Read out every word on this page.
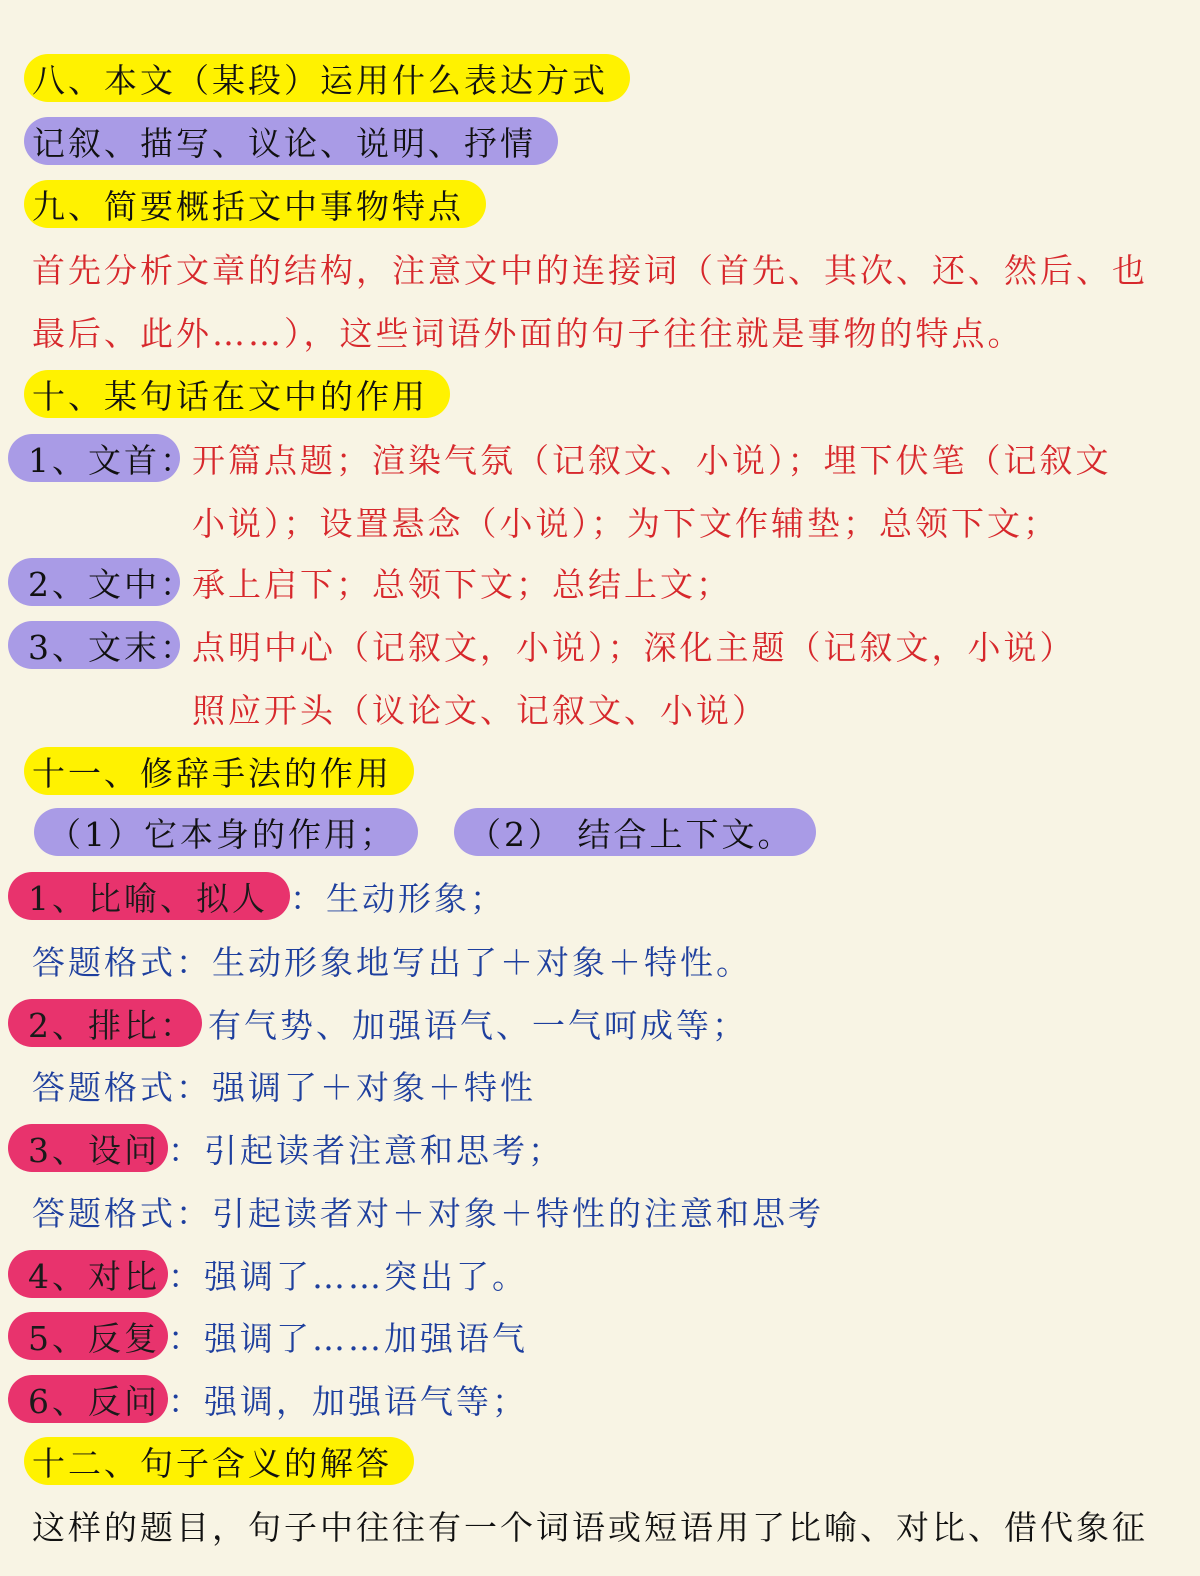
八、本文（某段）运用什么表达方式
记叙、描写、议论、说明、抒情
九、简要概括文中事物特点
首先分析文章的结构，注意文中的连接词（首先、其次、还、然后、也
最后、此外……），这些词语外面的句子往往就是事物的特点。
十、某句话在文中的作用
1、文首：
开篇点题；渲染气氛（记叙文、小说）；埋下伏笔（记叙文
小说）；设置悬念（小说）；为下文作辅垫；总领下文；
2、文中：
承上启下；总领下文；总结上文；
3、文末：
点明中心（记叙文，小说）；深化主题（记叙文，小说）
照应开头（议论文、记叙文、小说）
十一、修辞手法的作用
（1）它本身的作用；	（2） 结合上下文。
1、比喻、拟人 ：生动形象；
答题格式：生动形象地写出了＋对象＋特性。
2、排比： 有气势、加强语气、一气呵成等；
答题格式：强调了＋对象＋特性
3、设问 ：引起读者注意和思考；
答题格式：引起读者对＋对象＋特性的注意和思考
4、对比 ：强调了……突出了。
5、反复 ：强调了……加强语气
6、反问 ：强调，加强语气等；
十二、句子含义的解答
这样的题目，句子中往往有一个词语或短语用了比喻、对比、借代象征
